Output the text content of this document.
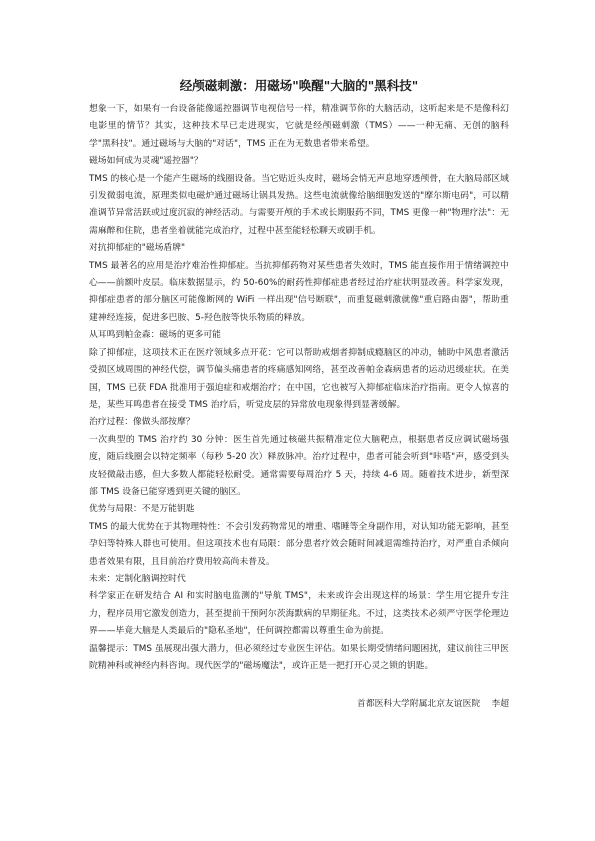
经颅磁刺激：用磁场"唤醒"大脑的"黑科技"

想象一下，如果有一台设备能像遥控器调节电视信号一样，精准调节你的大脑活动，这听起来是不是像科幻电影里的情节？其实，这种技术早已走进现实，它就是经颅磁刺激（TMS）——一种无痛、无创的脑科学"黑科技"。通过磁场与大脑的"对话"，TMS 正在为无数患者带来希望。

磁场如何成为灵魂"遥控器"？

TMS 的核心是一个能产生磁场的线圈设备。当它贴近头皮时，磁场会悄无声息地穿透颅骨，在大脑局部区域引发微弱电流，原理类似电磁炉通过磁场让锅具发热。这些电流就像给脑细胞发送的"摩尔斯电码"，可以精准调节异常活跃或过度沉寂的神经活动。与需要开颅的手术或长期服药不同，TMS 更像一种"物理疗法"：无需麻醉和住院，患者坐着就能完成治疗，过程中甚至能轻松聊天或刷手机。

对抗抑郁症的"磁场盾牌"

TMS 最著名的应用是治疗难治性抑郁症。当抗抑郁药物对某些患者失效时，TMS 能直接作用于情绪调控中心——前额叶皮层。临床数据显示，约 50-60%的耐药性抑郁症患者经过治疗症状明显改善。科学家发现，抑郁症患者的部分脑区可能像断网的 WiFi 一样出现"信号断联"，而重复磁刺激就像"重启路由器"，帮助重建神经连接，促进多巴胺、5-羟色胺等快乐物质的释放。

从耳鸣到帕金森：磁场的更多可能

除了抑郁症，这项技术正在医疗领域多点开花：它可以帮助戒烟者抑制成瘾脑区的冲动，辅助中风患者激活受损区域周围的神经代偿，调节偏头痛患者的疼痛感知网络，甚至改善帕金森病患者的运动迟缓症状。在美国，TMS 已获 FDA 批准用于强迫症和戒烟治疗；在中国，它也被写入抑郁症临床治疗指南。更令人惊喜的是，某些耳鸣患者在接受 TMS 治疗后，听觉皮层的异常放电现象得到显著缓解。

治疗过程：像做头部按摩？

一次典型的 TMS 治疗约 30 分钟：医生首先通过核磁共振精准定位大脑靶点，根据患者反应调试磁场强度，随后线圈会以特定频率（每秒 5-20 次）释放脉冲。治疗过程中，患者可能会听到"咔嗒"声，感受到头皮轻微敲击感，但大多数人都能轻松耐受。通常需要每周治疗 5 天，持续 4-6 周。随着技术进步，新型深部 TMS 设备已能穿透到更关键的脑区。

优势与局限：不是万能钥匙

TMS 的最大优势在于其物理特性：不会引发药物常见的增重、嗜睡等全身副作用，对认知功能无影响，甚至孕妇等特殊人群也可使用。但这项技术也有局限：部分患者疗效会随时间减退需维持治疗，对严重自杀倾向患者效果有限，且目前治疗费用较高尚未普及。

未来：定制化脑调控时代

科学家正在研发结合 AI 和实时脑电监测的"导航 TMS"，未来或许会出现这样的场景：学生用它提升专注力，程序员用它激发创造力，甚至提前干预阿尔茨海默病的早期征兆。不过，这类技术必须严守医学伦理边界——毕竟大脑是人类最后的"隐私圣地"，任何调控都需以尊重生命为前提。

温馨提示：TMS 虽展现出强大潜力，但必须经过专业医生评估。如果长期受情绪问题困扰，建议前往三甲医院精神科或神经内科咨询。现代医学的"磁场魔法"，或许正是一把打开心灵之锁的钥匙。

首都医科大学附属北京友谊医院 李超
